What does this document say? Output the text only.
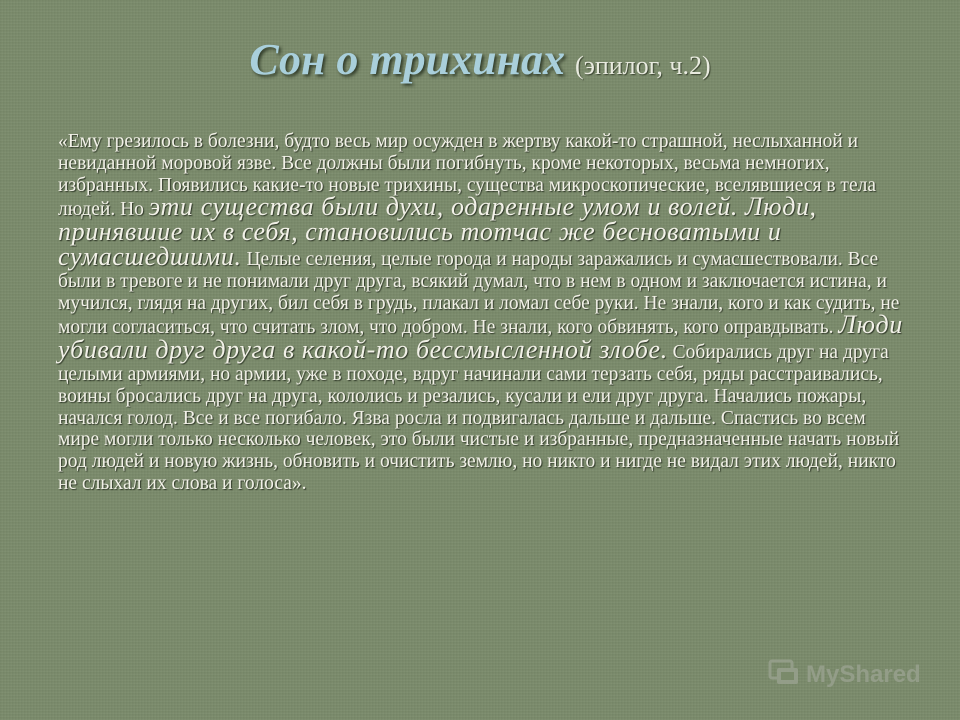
Сон о трихинах (эпилог, ч.2)
«Ему грезилось в болезни, будто весь мир осужден в жертву какой-то страшной, неслыханной и невиданной моровой язве. Все должны были погибнуть, кроме некоторых, весьма немногих, избранных. Появились какие-то новые трихины, существа микроскопические, вселявшиеся в тела людей. Но эти существа были духи, одаренные умом и волей. Люди, принявшие их в себя, становились тотчас же бесноватыми и сумасшедшими. Целые селения, целые города и народы заражались и сумасшествовали. Все были в тревоге и не понимали друг друга, всякий думал, что в нем в одном и заключается истина, и мучился, глядя на других, бил себя в грудь, плакал и ломал себе руки. Не знали, кого и как судить, не могли согласиться, что считать злом, что добром. Не знали, кого обвинять, кого оправдывать. Люди убивали друг друга в какой-то бессмысленной злобе. Собирались друг на друга целыми армиями, но армии, уже в походе, вдруг начинали сами терзать себя, ряды расстраивались, воины бросались друг на друга, кололись и резались, кусали и ели друг друга. Начались пожары, начался голод. Все и все погибало. Язва росла и подвигалась дальше и дальше. Спастись во всем мире могли только несколько человек, это были чистые и избранные, предназначенные начать новый род людей и новую жизнь, обновить и очистить землю, но никто и нигде не видал этих людей, никто не слыхал их слова и голоса».
MyShared
